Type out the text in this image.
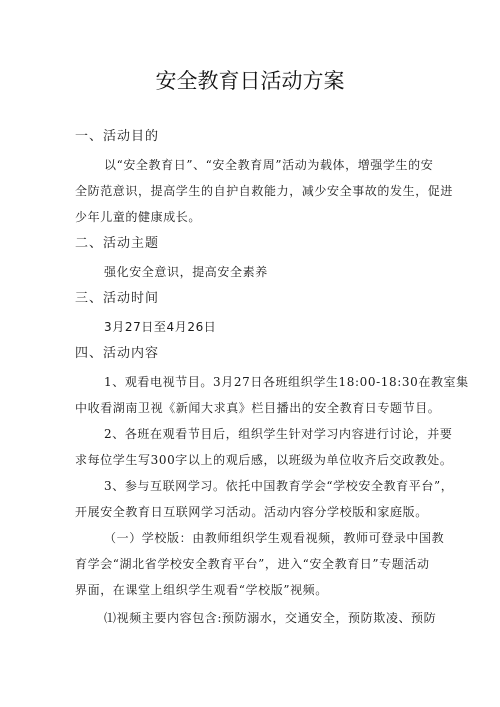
安全教育日活动方案
一、活动目的
以“安全教育日”、“安全教育周”活动为载体，增强学生的安
全防范意识，提高学生的自护自救能力，减少安全事故的发生，促进
少年儿童的健康成长。
二、活动主题
强化安全意识，提高安全素养
三、活动时间
3月27日至4月26日
四、活动内容
1、观看电视节目。3月27日各班组织学生18:00-18:30在教室集
中收看湖南卫视《新闻大求真》栏目播出的安全教育日专题节目。
2、各班在观看节目后，组织学生针对学习内容进行讨论，并要
求每位学生写300字以上的观后感，以班级为单位收齐后交政教处。
3、参与互联网学习。依托中国教育学会“学校安全教育平台”，
开展安全教育日互联网学习活动。活动内容分学校版和家庭版。
（一）学校版：由教师组织学生观看视频，教师可登录中国教
育学会“湖北省学校安全教育平台”，进入“安全教育日”专题活动
界面，在课堂上组织学生观看“学校版”视频。
⑴视频主要内容包含:预防溺水，交通安全，预防欺凌、预防
